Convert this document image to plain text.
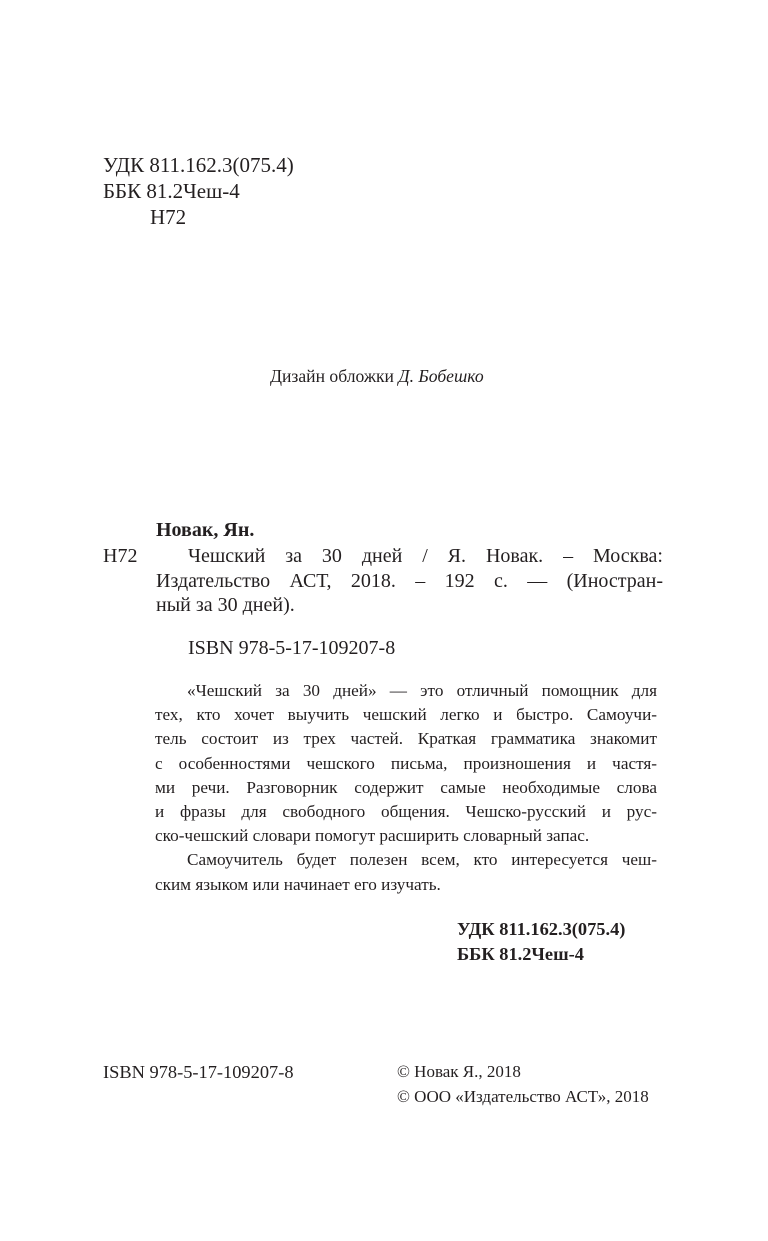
УДК 811.162.3(075.4)
ББК 81.2Чеш-4
Н72
Дизайн обложки Д. Бобешко
Новак, Ян.
Н72	Чешский за 30 дней / Я. Новак. – Москва:
Издательство АСТ, 2018. – 192 с. — (Иностран-
ный за 30 дней).
ISBN 978-5-17-109207-8
«Чешский за 30 дней» — это отличный помощник для
тех, кто хочет выучить чешский легко и быстро. Самоучи-
тель состоит из трех частей. Краткая грамматика знакомит
с особенностями чешского письма, произношения и частя-
ми речи. Разговорник содержит самые необходимые слова
и фразы для свободного общения. Чешско-русский и рус-
ско-чешский словари помогут расширить словарный запас.
Самоучитель будет полезен всем, кто интересуется чеш-
ским языком или начинает его изучать.
УДК 811.162.3(075.4)
ББК 81.2Чеш-4
ISBN 978-5-17-109207-8	© Новак Я., 2018
© ООО «Издательство АСТ», 2018
